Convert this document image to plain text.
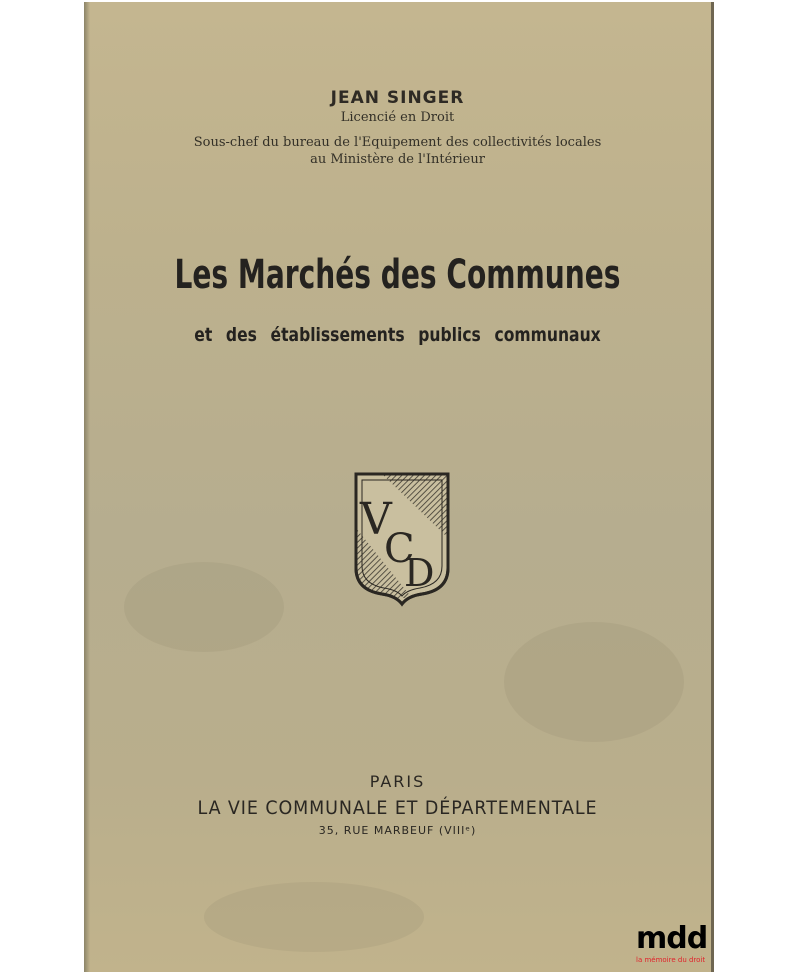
JEAN SINGER
Licencié en Droit
Sous-chef du bureau de l'Equipement des collectivités locales
au Ministère de l'Intérieur
Les Marchés des Communes
et des établissements publics communaux
V
C
D
PARIS
LA VIE COMMUNALE ET DÉPARTEMENTALE
35, RUE MARBEUF (VIIIᵉ)
mdd
la mémoire du droit
